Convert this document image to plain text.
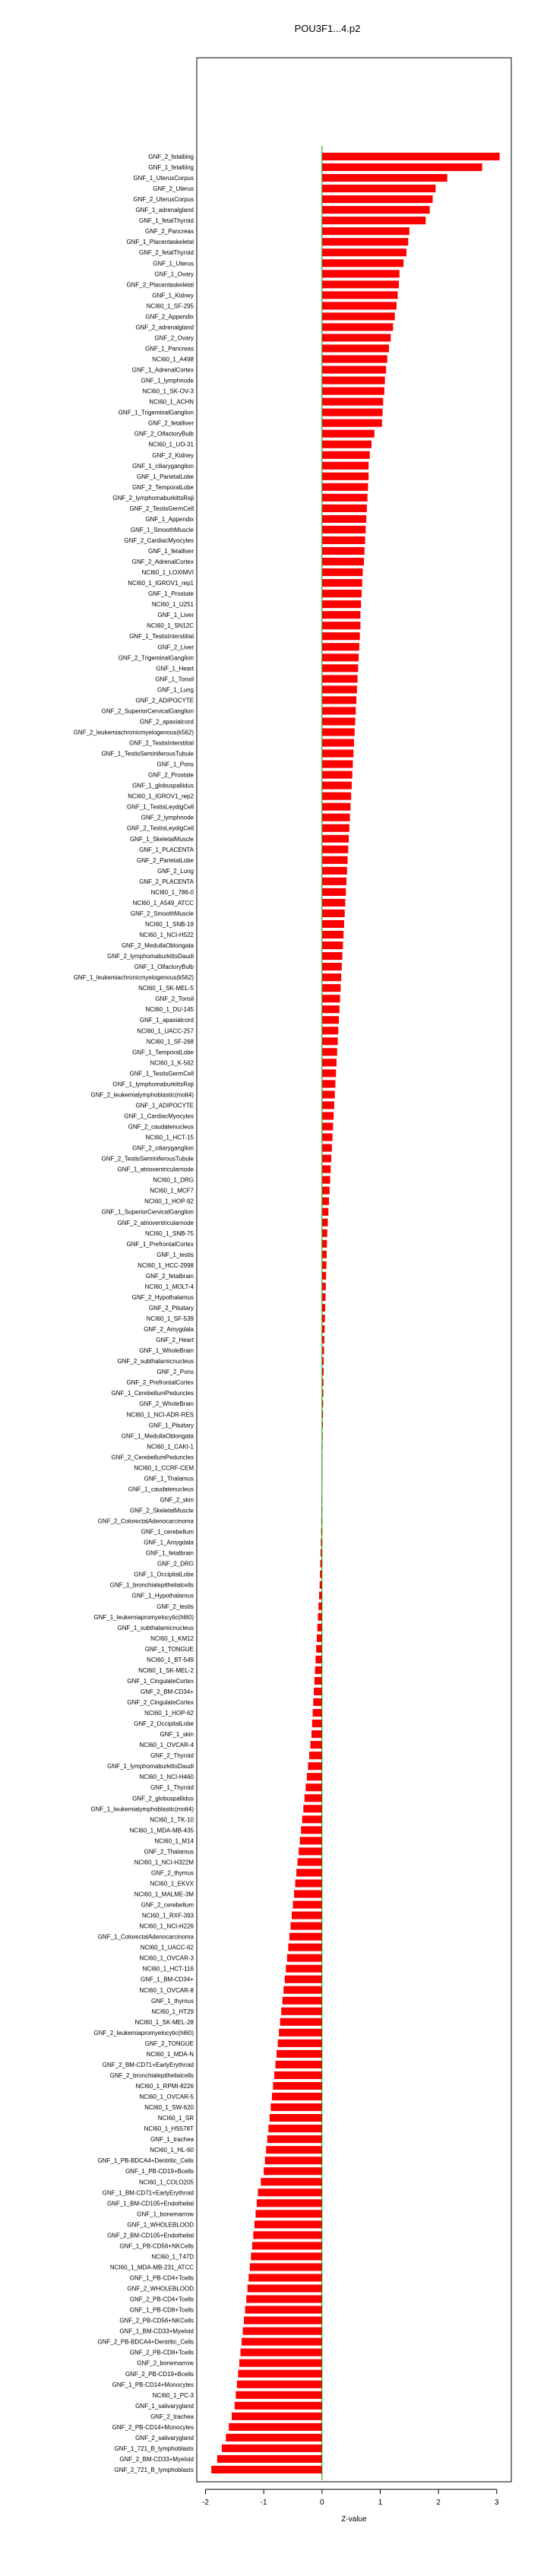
POU3F1...4.p2
GNF_2_fetalliing
GNF_1_fetalliing
GNF_1_UterusCorpus
GNF_2_Uterus
GNF_2_UterusCorpus
GNF_1_adrenalgland
GNF_1_fetalThyroid
GNF_2_Pancreas
GNF_1_Placentaskeletal
GNF_2_fetalThyroid
GNF_1_Uterus
GNF_1_Ovary
GNF_2_Placentaskeletal
GNF_1_Kidney
NCI60_1_SF-295
GNF_2_Appendix
GNF_2_adrenalgland
GNF_2_Ovary
GNF_1_Pancreas
NCI60_1_A498
GNF_1_AdrenalCortex
GNF_1_lymphnode
NCI60_1_SK-OV-3
NCI60_1_ACHN
GNF_1_TrigeminalGanglion
GNF_2_fetalliver
GNF_2_OlfactoryBulb
NCI60_1_UO-31
GNF_2_Kidney
GNF_1_ciliaryganglion
GNF_1_ParietalLobe
GNF_2_TemporalLobe
GNF_2_lymphomaburkittsRaji
GNF_2_TestisGermCell
GNF_1_Appendix
GNF_1_SmoothMuscle
GNF_2_CardiacMyocytes
GNF_1_fetalliver
GNF_2_AdrenalCortex
NCI60_1_LOXIMVI
NCI60_1_IGROV1_rep1
GNF_1_Prostate
NCI60_1_U251
GNF_1_Liver
NCI60_1_SN12C
GNF_1_TestisInterstitial
GNF_2_Liver
GNF_2_TrigeminalGanglion
GNF_1_Heart
GNF_1_Tonsil
GNF_1_Lung
GNF_2_ADIPOCYTE
GNF_2_SuperiorCervicalGanglion
GNF_2_apaxialcord
GNF_2_leukemiachronicmyelogenous(k562)
GNF_2_TestisInterstitial
GNF_1_TestisSeminiferousTubule
GNF_1_Pons
GNF_2_Prostate
GNF_1_globuspallidus
NCI60_1_IGROV1_rep2
GNF_1_TestisLeydigCell
GNF_2_lymphnode
GNF_2_TestisLeydigCell
GNF_1_SkeletalMuscle
GNF_1_PLACENTA
GNF_2_ParietalLobe
GNF_2_Lung
GNF_2_PLACENTA
NCI60_1_786-0
NCI60_1_A549_ATCC
GNF_2_SmoothMuscle
NCI60_1_SNB-19
NCI60_1_NCI-H522
GNF_2_MedullaOblongata
GNF_2_lymphomaburkittsDaudi
GNF_1_OlfactoryBulb
GNF_1_leukemiachronicmyelogenous(k562)
NCI60_1_SK-MEL-5
GNF_2_Tonsil
NCI60_1_DU-145
GNF_1_apaxialcord
NCI60_1_UACC-257
NCI60_1_SF-268
GNF_1_TemporalLobe
NCI60_1_K-562
GNF_1_TestisGermCell
GNF_1_lymphomaburkittsRaji
GNF_2_leukemialymphoblastic(molt4)
GNF_1_ADIPOCYTE
GNF_1_CardiacMyocytes
GNF_2_caudatenucleus
NCI60_1_HCT-15
GNF_2_ciliaryganglion
GNF_2_TestisSeminiferousTubule
GNF_1_atrioventricularnode
NCI60_1_DRG
NCI60_1_MCF7
NCI60_1_HOP-92
GNF_1_SuperiorCervicalGanglion
GNF_2_atrioventricularnode
NCI60_1_SNB-75
GNF_1_PrefrontalCortex
GNF_1_testis
NCI60_1_HCC-2998
GNF_2_fetalbrain
NCI60_1_MOLT-4
GNF_2_Hypothalamus
GNF_2_Pituitary
NCI60_1_SF-539
GNF_2_Amygdala
GNF_2_Heart
GNF_1_WholeBrain
GNF_2_subthalamicnucleus
GNF_2_Pons
GNF_2_PrefrontalCortex
GNF_1_CerebellumPeduncles
GNF_2_WholeBrain
NCI60_1_NCI-ADR-RES
GNF_1_Pituitary
GNF_1_MedullaOblongata
NCI60_1_CAKI-1
GNF_2_CerebellumPeduncles
NCI60_1_CCRF-CEM
GNF_1_Thalamus
GNF_1_caudatenucleus
GNF_2_skin
GNF_2_SkeletalMuscle
GNF_2_ColorectalAdenocarcinoma
GNF_1_cerebellum
GNF_1_Amygdala
GNF_1_fetalbrain
GNF_2_DRG
GNF_1_OccipitalLobe
GNF_1_bronchialepithelialcells
GNF_1_Hypothalamus
GNF_2_testis
GNF_1_leukemiapromyelocytic(hl60)
GNF_1_subthalamicnucleus
NCI60_1_KM12
GNF_1_TONGUE
NCI60_1_BT-549
NCI60_1_SK-MEL-2
GNF_1_CingulateCortex
GNF_2_BM-CD34+
GNF_2_CingulateCortex
NCI60_1_HOP-62
GNF_2_OccipitalLobe
GNF_1_skin
NCI60_1_OVCAR-4
GNF_2_Thyroid
GNF_1_lymphomaburkittsDaudi
NCI60_1_NCI-H460
GNF_1_Thyroid
GNF_2_globuspallidus
GNF_1_leukemialymphoblastic(molt4)
NCI60_1_TK-10
NCI60_1_MDA-MB-435
NCI60_1_M14
GNF_2_Thalamus
NCI60_1_NCI-H322M
GNF_2_thymus
NCI60_1_EKVX
NCI60_1_MALME-3M
GNF_2_cerebellum
NCI60_1_RXF-393
NCI60_1_NCI-H226
GNF_1_ColorectalAdenocarcinoma
NCI60_1_UACC-62
NCI60_1_OVCAR-3
NCI60_1_HCT-116
GNF_1_BM-CD34+
NCI60_1_OVCAR-8
GNF_1_thymus
NCI60_1_HT29
NCI60_1_SK-MEL-28
GNF_2_leukemiapromyelocytic(hl60)
GNF_2_TONGUE
NCI60_1_MDA-N
GNF_2_BM-CD71+EarlyErythroid
GNF_2_bronchialepithelialcells
NCI60_1_RPMI-8226
NCI60_1_OVCAR-5
NCI60_1_SW-620
NCI60_1_SR
NCI60_1_HS578T
GNF_1_trachea
NCI60_1_HL-60
GNF_1_PB-BDCA4+Dentritic_Cells
GNF_1_PB-CD19+Bcells
NCI60_1_COLO205
GNF_1_BM-CD71+EarlyErythroid
GNF_1_BM-CD105+Endothelial
GNF_1_bonemarrow
GNF_1_WHOLEBLOOD
GNF_2_BM-CD105+Endothelial
GNF_1_PB-CD56+NKCells
NCI60_1_T47D
NCI60_1_MDA-MB-231_ATCC
GNF_1_PB-CD4+Tcells
GNF_2_WHOLEBLOOD
GNF_2_PB-CD4+Tcells
GNF_1_PB-CD8+Tcells
GNF_2_PB-CD56+NKCells
GNF_1_BM-CD33+Myeloid
GNF_2_PB-BDCA4+Dentritic_Cells
GNF_2_PB-CD8+Tcells
GNF_2_bonemarrow
GNF_2_PB-CD19+Bcells
GNF_1_PB-CD14+Monocytes
NCI60_1_PC-3
GNF_1_salivarygland
GNF_2_trachea
GNF_2_PB-CD14+Monocytes
GNF_2_salivarygland
GNF_1_721_B_lymphoblasts
GNF_2_BM-CD33+Myeloid
GNF_2_721_B_lymphoblasts
-2	-1	0	1	2	3
Z-value
